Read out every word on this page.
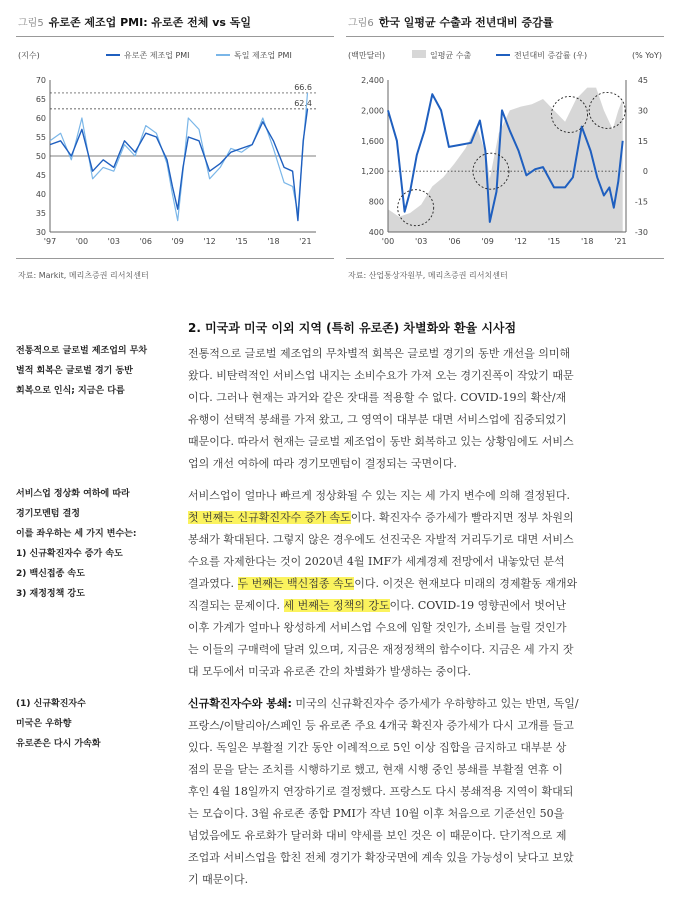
그림5 유로존 제조업 PMI: 유로존 전체 vs 독일
(지수)	유로존 제조업 PMI	독일 제조업 PMI
70
65
60
55
50
45
40
35
30
'97 '00 '03 '06 '09 '12 '15 '18 '21
66.6
62.4
자료: Markit, 메리츠증권 리서치센터
그림6 한국 일평균 수출과 전년대비 증감률
(백만달러)	일평균 수출	전년대비 증감률 (우)	(% YoY)
2,400
2,000
1,600
1,200
800
400
45
30
15
0
-15
-30
'00	'03	'06	'09	'12	'15	'18	'21
자료: 산업통상자원부, 메리츠증권 리서치센터
2. 미국과 미국 이외 지역 (특히 유로존) 차별화와 환율 시사점
전통적으로 글로벌 제조업의 무차
별적 회복은 글로벌 경기 동반
회복으로 인식; 지금은 다름
서비스업 정상화 여하에 따라
경기모멘텀 결정
이를 좌우하는 세 가지 변수는:
1) 신규확진자수 증가 속도
2) 백신접종 속도
3) 재정정책 강도
(1) 신규확진자수
미국은 우하향
유로존은 다시 가속화
전통적으로 글로벌 제조업의 무차별적 회복은 글로벌 경기의 동반 개선을 의미해
왔다. 비탄력적인 서비스업 내지는 소비수요가 가져 오는 경기진폭이 작았기 때문
이다. 그러나 현재는 과거와 같은 잣대를 적용할 수 없다. COVID-19의 확산/재
유행이 선택적 봉쇄를 가져 왔고, 그 영역이 대부분 대면 서비스업에 집중되었기
때문이다. 따라서 현재는 글로벌 제조업이 동반 회복하고 있는 상황임에도 서비스
업의 개선 여하에 따라 경기모멘텀이 결정되는 국면이다.
서비스업이 얼마나 빠르게 정상화될 수 있는 지는 세 가지 변수에 의해 결정된다.
첫 번째는 신규확진자수 증가 속도이다. 확진자수 증가세가 빨라지면 정부 차원의
봉쇄가 확대된다. 그렇지 않은 경우에도 선진국은 자발적 거리두기로 대면 서비스
수요를 자제한다는 것이 2020년 4월 IMF가 세계경제 전망에서 내놓았던 분석
결과였다. 두 번째는 백신접종 속도이다. 이것은 현재보다 미래의 경제활동 재개와
직결되는 문제이다. 세 번째는 정책의 강도이다. COVID-19 영향권에서 벗어난
이후 가계가 얼마나 왕성하게 서비스업 수요에 임할 것인가, 소비를 늘릴 것인가
는 이들의 구매력에 달려 있으며, 지금은 재정정책의 함수이다. 지금은 세 가지 잣
대 모두에서 미국과 유로존 간의 차별화가 발생하는 중이다.
신규확진자수와 봉쇄: 미국의 신규확진자수 증가세가 우하향하고 있는 반면, 독일/
프랑스/이탈리아/스페인 등 유로존 주요 4개국 확진자 증가세가 다시 고개를 들고
있다. 독일은 부활절 기간 동안 이례적으로 5인 이상 집합을 금지하고 대부분 상
점의 문을 닫는 조치를 시행하기로 했고, 현재 시행 중인 봉쇄를 부활절 연휴 이
후인 4월 18일까지 연장하기로 결정했다. 프랑스도 다시 봉쇄적용 지역이 확대되
는 모습이다. 3월 유로존 종합 PMI가 작년 10월 이후 처음으로 기준선인 50을
넘었음에도 유로화가 달러화 대비 약세를 보인 것은 이 때문이다. 단기적으로 제
조업과 서비스업을 합친 전체 경기가 확장국면에 계속 있을 가능성이 낮다고 보았
기 때문이다.
